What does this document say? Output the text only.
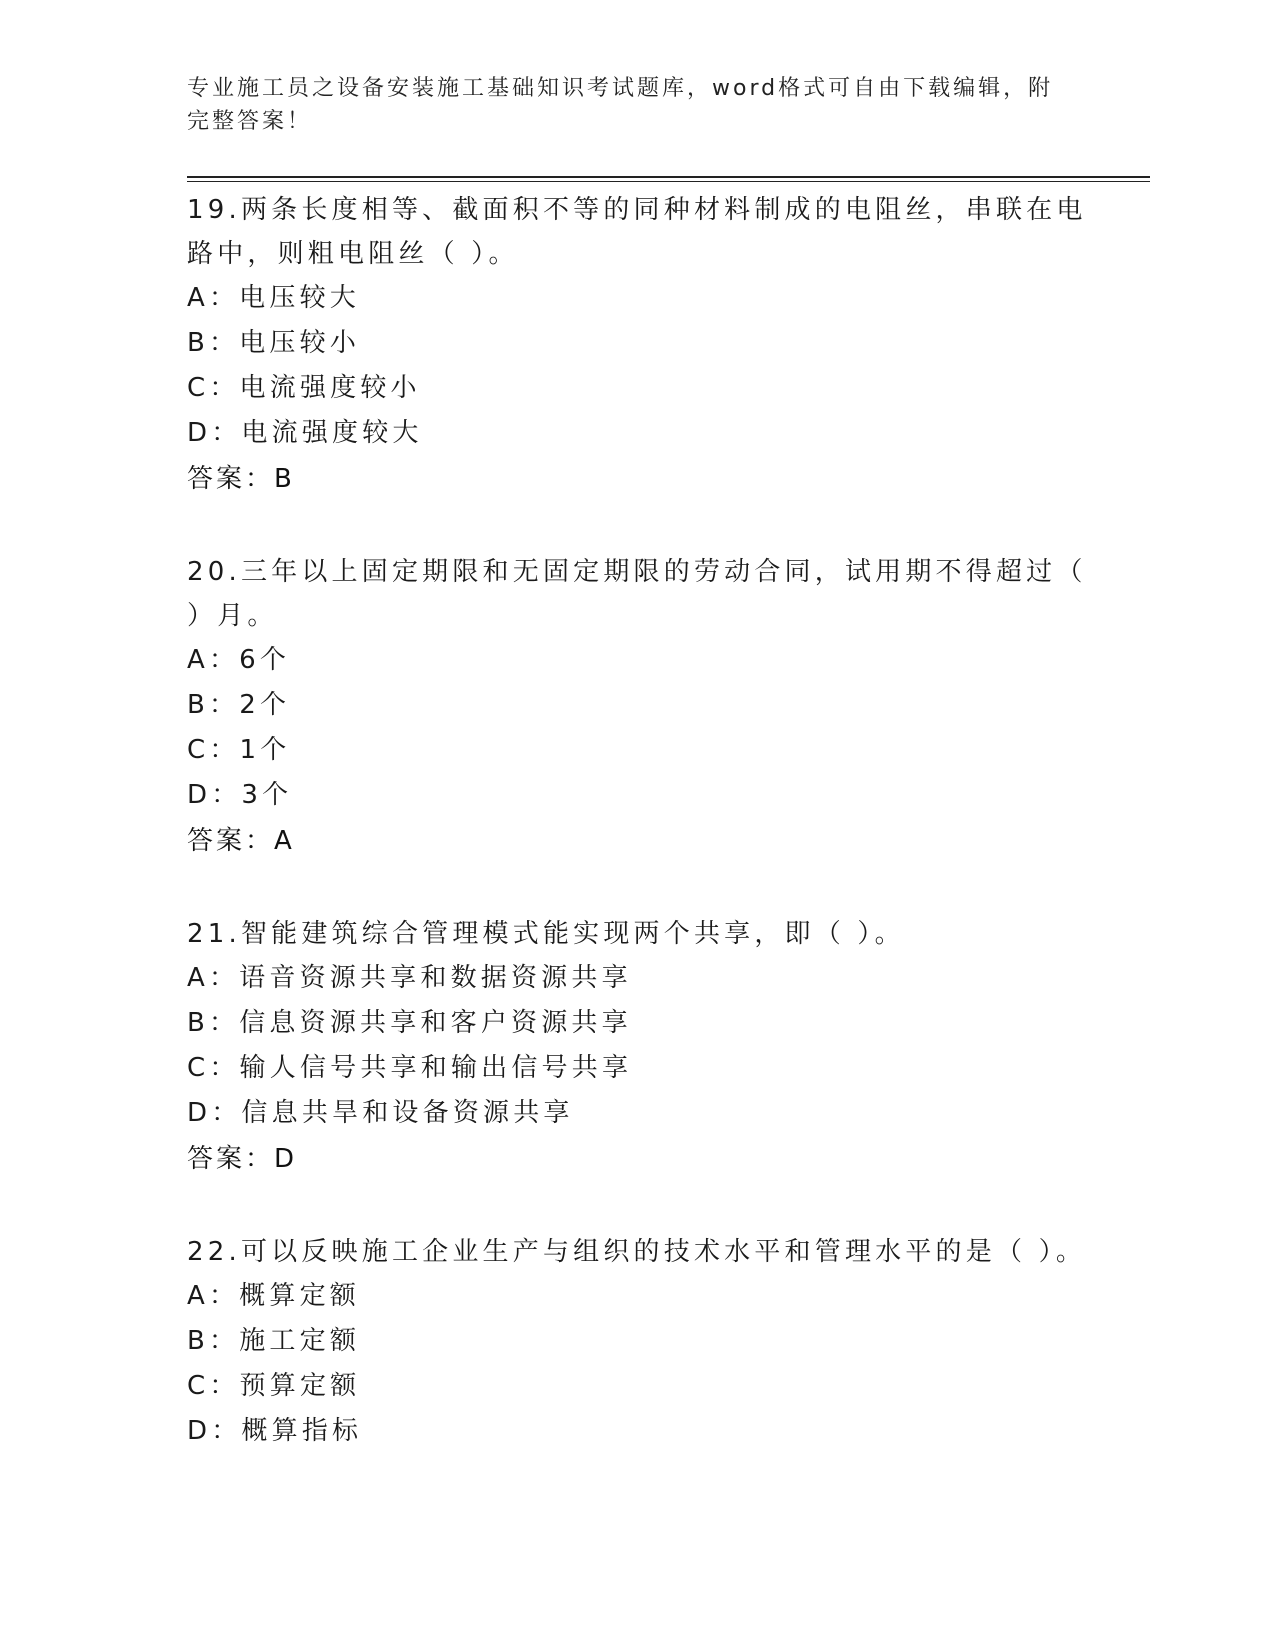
专业施工员之设备安装施工基础知识考试题库，word格式可自由下载编辑，附完整答案！

19.两条长度相等、截面积不等的同种材料制成的电阻丝，串联在电路中，则粗电阻丝（ ）。

A：电压较大

B：电压较小

C：电流强度较小

D：电流强度较大

答案：B

20.三年以上固定期限和无固定期限的劳动合同，试用期不得超过（ ）月。

A：6个

B：2个

C：1个

D：3个

答案：A

21.智能建筑综合管理模式能实现两个共享，即（ ）。

A：语音资源共享和数据资源共享

B：信息资源共享和客户资源共享

C：输人信号共享和输出信号共享

D：信息共旱和设备资源共享

答案：D

22.可以反映施工企业生产与组织的技术水平和管理水平的是（ ）。

A：概算定额

B：施工定额

C：预算定额

D：概算指标
